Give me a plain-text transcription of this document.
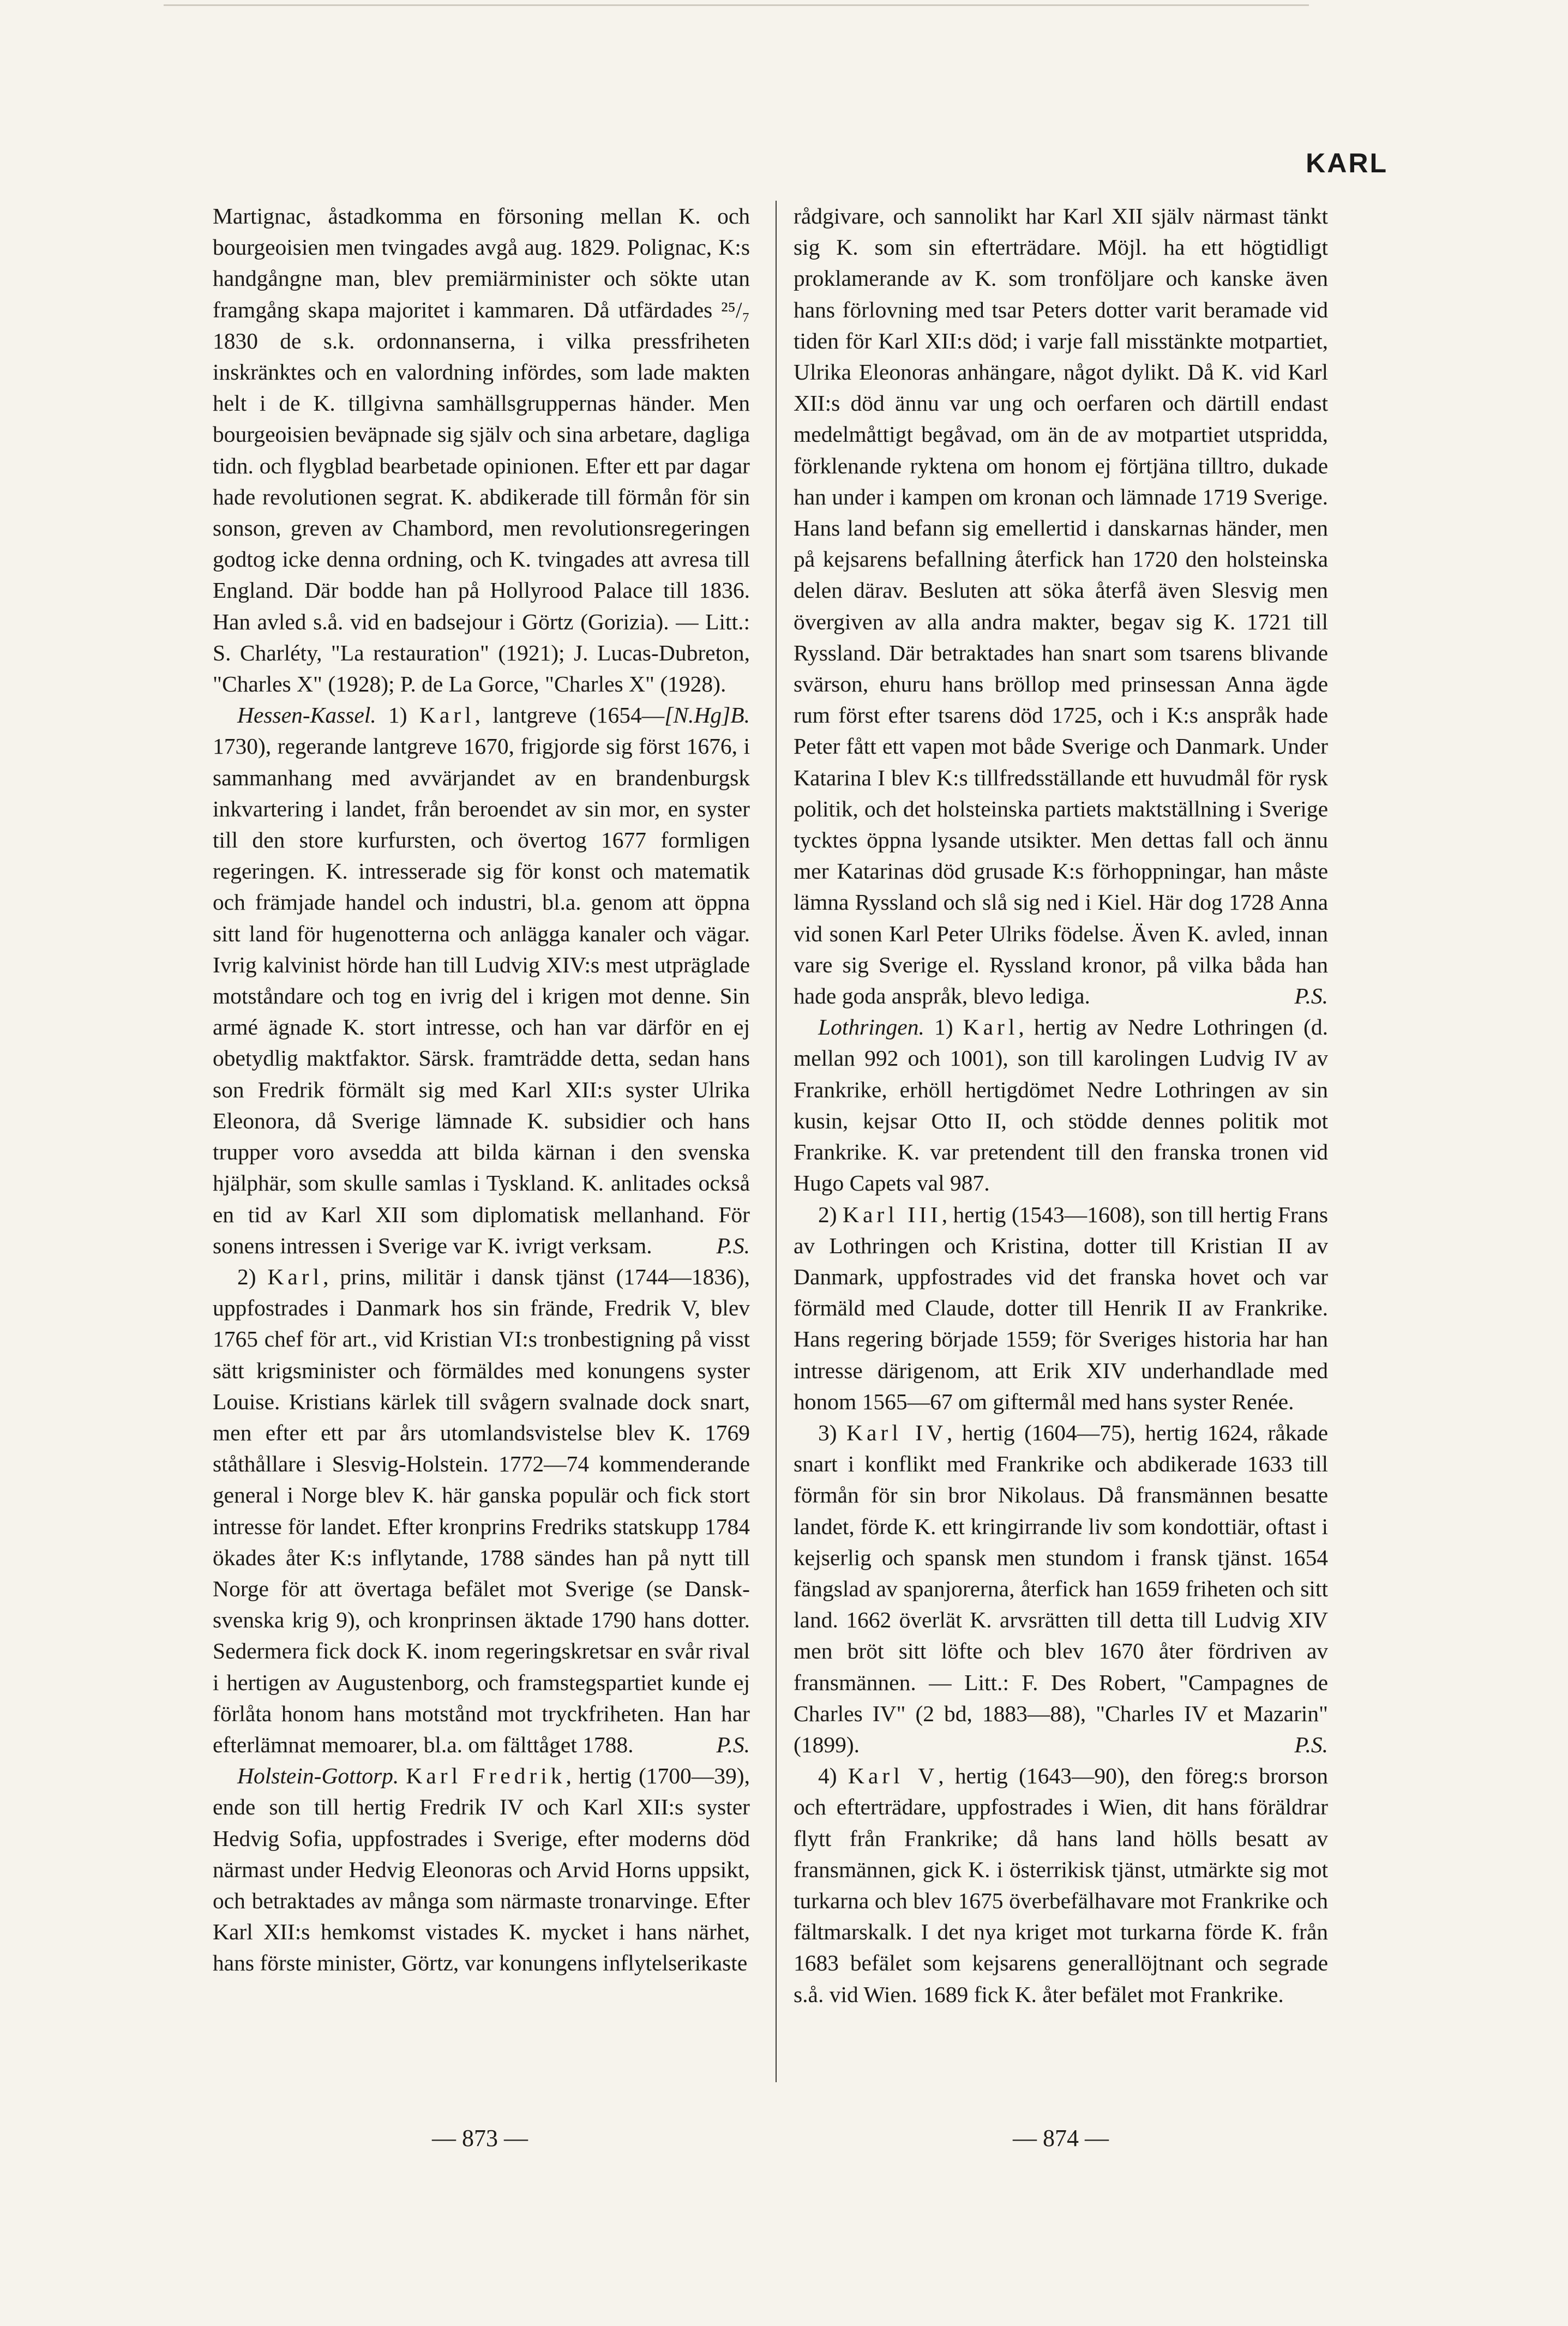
KARL

Martignac, åstadkomma en försoning mellan K. och bourgeoisien men tvingades avgå aug. 1829. Polignac, K:s handgångne man, blev premiärminister och sökte utan framgång skapa majoritet i kammaren. Då utfärdades ²⁵/₇ 1830 de s.k. ordonnanserna, i vilka pressfriheten inskränktes och en valordning infördes, som lade makten helt i de K. tillgivna samhällsgruppernas händer. Men bourgeoisien beväpnade sig själv och sina arbetare, dagliga tidn. och flygblad bearbetade opinionen. Efter ett par dagar hade revolutionen segrat. K. abdikerade till förmån för sin sonson, greven av Chambord, men revolutionsregeringen godtog icke denna ordning, och K. tvingades att avresa till England. Där bodde han på Hollyrood Palace till 1836. Han avled s.å. vid en badsejour i Görtz (Gorizia). — Litt.: S. Charléty, "La restauration" (1921); J. Lucas-Dubreton, "Charles X" (1928); P. de La Gorce, "Charles X" (1928).
[N.Hg]B.

Hessen-Kassel. 1) Karl, lantgreve (1654—1730), regerande lantgreve 1670, frigjorde sig först 1676, i sammanhang med avvärjandet av en brandenburgsk inkvartering i landet, från beroendet av sin mor, en syster till den store kurfursten, och övertog 1677 formligen regeringen. K. intresserade sig för konst och matematik och främjade handel och industri, bl.a. genom att öppna sitt land för hugenotterna och anlägga kanaler och vägar. Ivrig kalvinist hörde han till Ludvig XIV:s mest utpräglade motståndare och tog en ivrig del i krigen mot denne. Sin armé ägnade K. stort intresse, och han var därför en ej obetydlig maktfaktor. Särsk. framträdde detta, sedan hans son Fredrik förmält sig med Karl XII:s syster Ulrika Eleonora, då Sverige lämnade K. subsidier och hans trupper voro avsedda att bilda kärnan i den svenska hjälphär, som skulle samlas i Tyskland. K. anlitades också en tid av Karl XII som diplomatisk mellanhand. För sonens intressen i Sverige var K. ivrigt verksam.	P.S.

2) Karl, prins, militär i dansk tjänst (1744—1836), uppfostrades i Danmark hos sin frände, Fredrik V, blev 1765 chef för art., vid Kristian VI:s tronbestigning på visst sätt krigsminister och förmäldes med konungens syster Louise. Kristians kärlek till svågern svalnade dock snart, men efter ett par års utomlandsvistelse blev K. 1769 ståthållare i Slesvig-Holstein. 1772—74 kommenderande general i Norge blev K. här ganska populär och fick stort intresse för landet. Efter kronprins Fredriks statskupp 1784 ökades åter K:s inflytande, 1788 sändes han på nytt till Norge för att övertaga befälet mot Sverige (se Dansk-svenska krig 9), och kronprinsen äktade 1790 hans dotter. Sedermera fick dock K. inom regeringskretsar en svår rival i hertigen av Augustenborg, och framstegspartiet kunde ej förlåta honom hans motstånd mot tryckfriheten. Han har efterlämnat memoarer, bl.a. om fälttåget 1788.	P.S.

Holstein-Gottorp. Karl Fredrik, hertig (1700—39), ende son till hertig Fredrik IV och Karl XII:s syster Hedvig Sofia, uppfostrades i Sverige, efter moderns död närmast under Hedvig Eleonoras och Arvid Horns uppsikt, och betraktades av många som närmaste tronarvinge. Efter Karl XII:s hemkomst vistades K. mycket i hans närhet, hans förste minister, Görtz, var konungens inflytelserikaste

rådgivare, och sannolikt har Karl XII själv närmast tänkt sig K. som sin efterträdare. Möjl. ha ett högtidligt proklamerande av K. som tronföljare och kanske även hans förlovning med tsar Peters dotter varit beramade vid tiden för Karl XII:s död; i varje fall misstänkte motpartiet, Ulrika Eleonoras anhängare, något dylikt. Då K. vid Karl XII:s död ännu var ung och oerfaren och därtill endast medelmåttigt begåvad, om än de av motpartiet utspridda, förklenande ryktena om honom ej förtjäna tilltro, dukade han under i kampen om kronan och lämnade 1719 Sverige. Hans land befann sig emellertid i danskarnas händer, men på kejsarens befallning återfick han 1720 den holsteinska delen därav. Besluten att söka återfå även Slesvig men övergiven av alla andra makter, begav sig K. 1721 till Ryssland. Där betraktades han snart som tsarens blivande svärson, ehuru hans bröllop med prinsessan Anna ägde rum först efter tsarens död 1725, och i K:s anspråk hade Peter fått ett vapen mot både Sverige och Danmark. Under Katarina I blev K:s tillfredsställande ett huvudmål för rysk politik, och det holsteinska partiets maktställning i Sverige tycktes öppna lysande utsikter. Men dettas fall och ännu mer Katarinas död grusade K:s förhoppningar, han måste lämna Ryssland och slå sig ned i Kiel. Här dog 1728 Anna vid sonen Karl Peter Ulriks födelse. Även K. avled, innan vare sig Sverige el. Ryssland kronor, på vilka båda han hade goda anspråk, blevo lediga.	P.S.

Lothringen. 1) Karl, hertig av Nedre Lothringen (d. mellan 992 och 1001), son till karolingen Ludvig IV av Frankrike, erhöll hertigdömet Nedre Lothringen av sin kusin, kejsar Otto II, och stödde dennes politik mot Frankrike. K. var pretendent till den franska tronen vid Hugo Capets val 987.

2) Karl III, hertig (1543—1608), son till hertig Frans av Lothringen och Kristina, dotter till Kristian II av Danmark, uppfostrades vid det franska hovet och var förmäld med Claude, dotter till Henrik II av Frankrike. Hans regering började 1559; för Sveriges historia har han intresse därigenom, att Erik XIV underhandlade med honom 1565—67 om giftermål med hans syster Renée.

3) Karl IV, hertig (1604—75), hertig 1624, råkade snart i konflikt med Frankrike och abdikerade 1633 till förmån för sin bror Nikolaus. Då fransmännen besatte landet, förde K. ett kringirrande liv som kondottiär, oftast i kejserlig och spansk men stundom i fransk tjänst. 1654 fängslad av spanjorerna, återfick han 1659 friheten och sitt land. 1662 överlät K. arvsrätten till detta till Ludvig XIV men bröt sitt löfte och blev 1670 åter fördriven av fransmännen. — Litt.: F. Des Robert, "Campagnes de Charles IV" (2 bd, 1883—88), "Charles IV et Mazarin" (1899).	P.S.

4) Karl V, hertig (1643—90), den föreg:s brorson och efterträdare, uppfostrades i Wien, dit hans föräldrar flytt från Frankrike; då hans land hölls besatt av fransmännen, gick K. i österrikisk tjänst, utmärkte sig mot turkarna och blev 1675 överbefälhavare mot Frankrike och fältmarskalk. I det nya kriget mot turkarna förde K. från 1683 befälet som kejsarens generallöjtnant och segrade s.å. vid Wien. 1689 fick K. åter befälet mot Frankrike.

— 873 —	— 874 —
